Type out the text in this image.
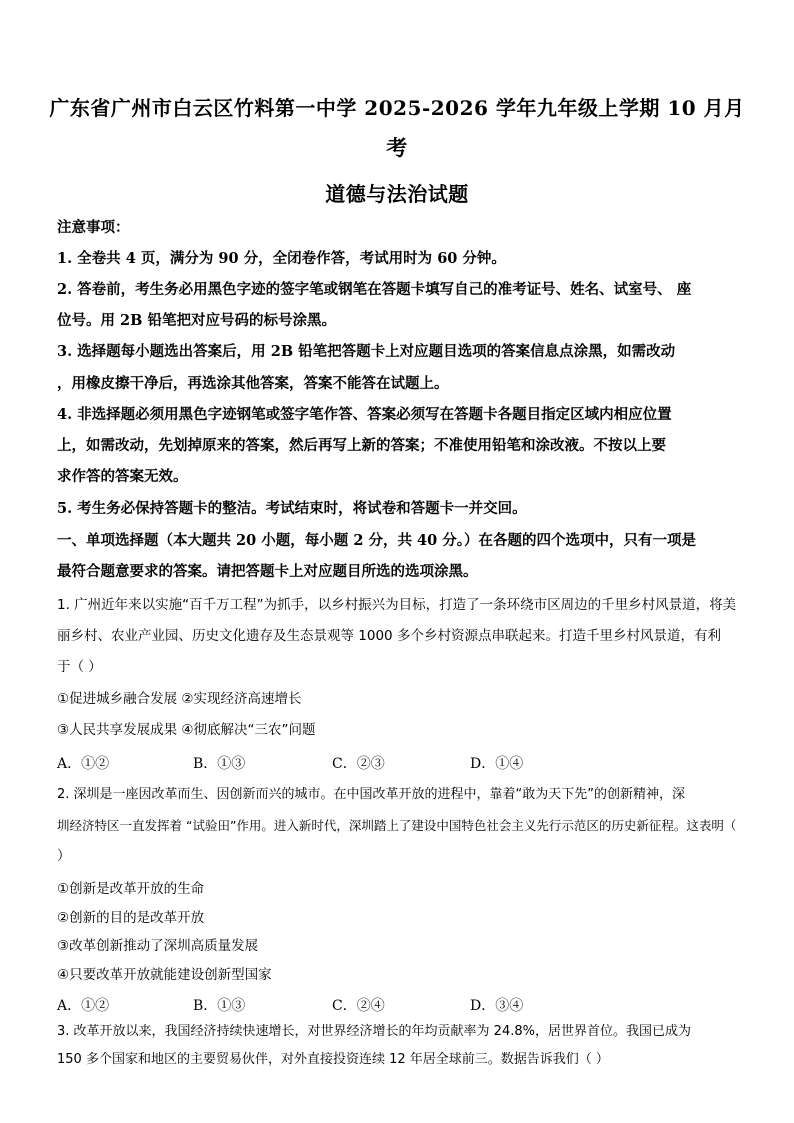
广东省广州市白云区竹料第一中学 2025-2026 学年九年级上学期 10 月月
考
道德与法治试题
注意事项：
1. 全卷共 4 页，满分为 90 分，全闭卷作答，考试用时为 60 分钟。
2. 答卷前，考生务必用黑色字迹的签字笔或钢笔在答题卡填写自己的准考证号、姓名、试室号、 座
位号。用 2B 铅笔把对应号码的标号涂黑。
3. 选择题每小题选出答案后，用 2B 铅笔把答题卡上对应题目选项的答案信息点涂黑，如需改动
，用橡皮擦干净后，再选涂其他答案，答案不能答在试题上。
4. 非选择题必须用黑色字迹钢笔或签字笔作答、答案必须写在答题卡各题目指定区域内相应位置
上，如需改动，先划掉原来的答案，然后再写上新的答案；不准使用铅笔和涂改液。不按以上要
求作答的答案无效。
5. 考生务必保持答题卡的整洁。考试结束时，将试卷和答题卡一并交回。
一、单项选择题（本大题共 20 小题，每小题 2 分，共 40 分。）在各题的四个选项中，只有一项是
最符合题意要求的答案。请把答题卡上对应题目所选的选项涂黑。
1. 广州近年来以实施“百千万工程”为抓手，以乡村振兴为目标，打造了一条环绕市区周边的千里乡村风景道，将美
丽乡村、农业产业园、历史文化遗存及生态景观等 1000 多个乡村资源点串联起来。打造千里乡村风景道，有利
于（ ）
①促进城乡融合发展 ②实现经济高速增长
③人民共享发展成果 ④彻底解决“三农”问题
A．①②	B．①③	C．②③	D．①④
2. 深圳是一座因改革而生、因创新而兴的城市。在中国改革开放的进程中，靠着“敢为天下先”的创新精神，深
圳经济特区一直发挥着 “试验田”作用。进入新时代，深圳踏上了建设中国特色社会主义先行示范区的历史新征程。这表明（
）
①创新是改革开放的生命
②创新的目的是改革开放
③改革创新推动了深圳高质量发展
④只要改革开放就能建设创新型国家
A．①②	B．①③	C．②④	D．③④
3. 改革开放以来，我国经济持续快速增长，对世界经济增长的年均贡献率为 24.8%，居世界首位。我国已成为
150 多个国家和地区的主要贸易伙伴，对外直接投资连续 12 年居全球前三。数据告诉我们（ ）
